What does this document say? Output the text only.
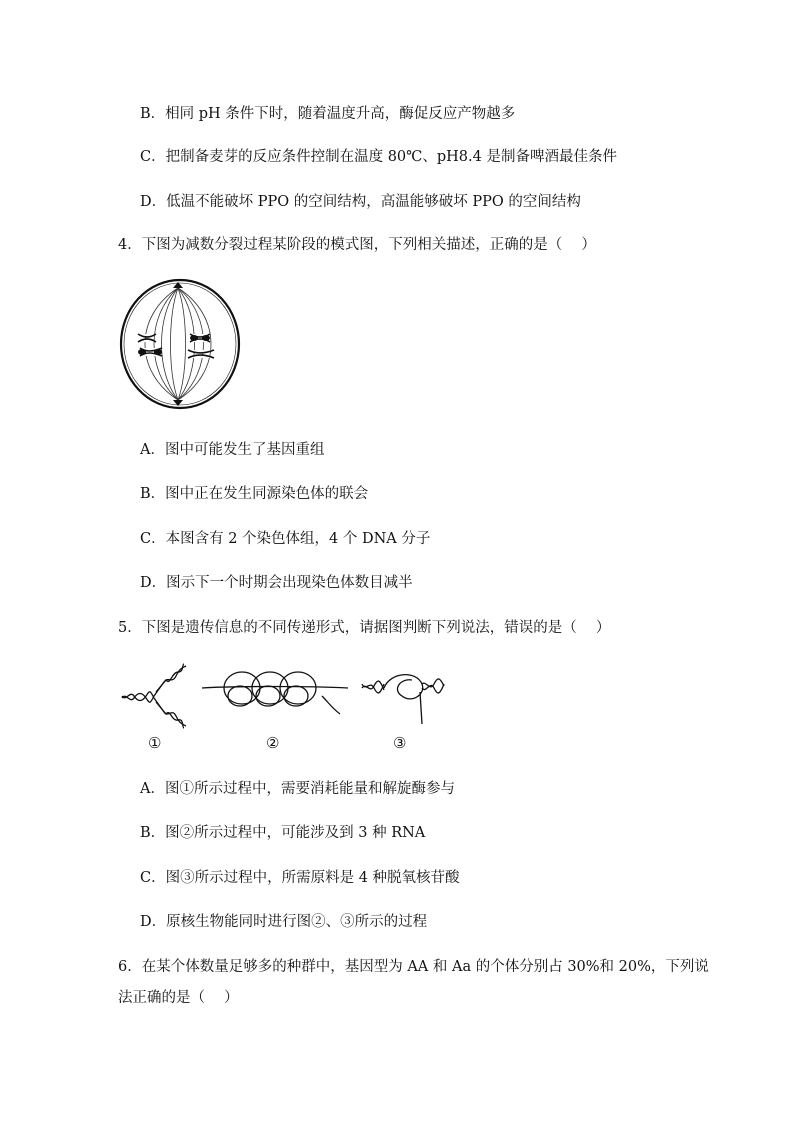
B．相同 pH 条件下时，随着温度升高，酶促反应产物越多
C．把制备麦芽的反应条件控制在温度 80℃、pH8.4 是制备啤酒最佳条件
D．低温不能破坏 PPO 的空间结构，高温能够破坏 PPO 的空间结构
4．下图为减数分裂过程某阶段的模式图，下列相关描述，正确的是（　 ）
A．图中可能发生了基因重组
B．图中正在发生同源染色体的联会
C．本图含有 2 个染色体组，4 个 DNA 分子
D．图示下一个时期会出现染色体数目减半
5．下图是遗传信息的不同传递形式，请据图判断下列说法，错误的是（　 ）
①	②	③
A．图①所示过程中，需要消耗能量和解旋酶参与
B．图②所示过程中，可能涉及到 3 种 RNA
C．图③所示过程中，所需原料是 4 种脱氧核苷酸
D．原核生物能同时进行图②、③所示的过程
6．在某个体数量足够多的种群中，基因型为 AA 和 Aa 的个体分别占 30%和 20%，下列说
法正确的是（　 ）
